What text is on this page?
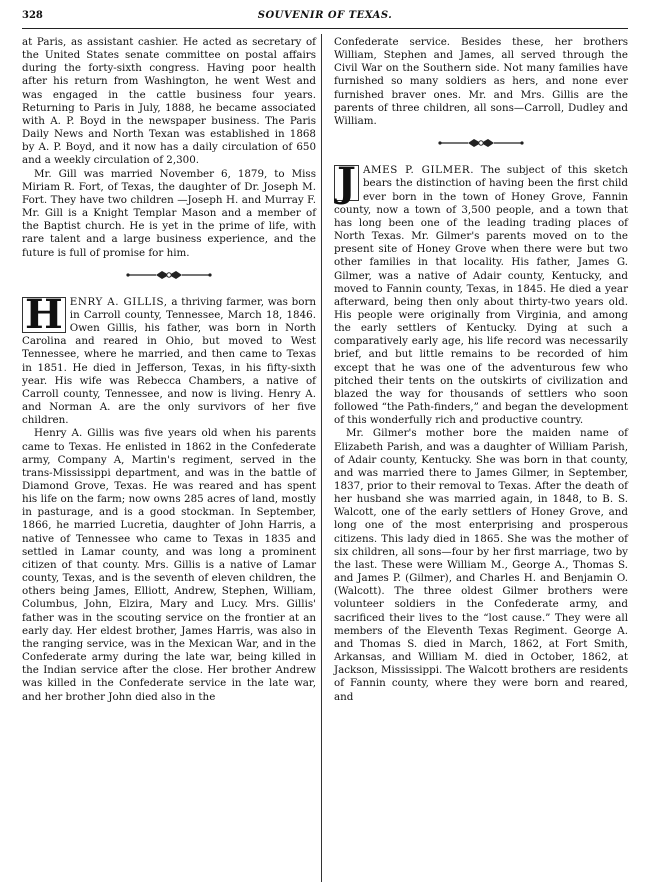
328	SOUVENIR OF TEXAS.

at Paris, as assistant cashier. He acted as secretary of the United States senate committee on postal affairs during the forty-sixth congress. Having poor health after his return from Washington, he went West and was engaged in the cattle business four years. Returning to Paris in July, 1888, he became associated with A. P. Boyd in the newspaper business. The Paris Daily News and North Texan was established in 1868 by A. P. Boyd, and it now has a daily circulation of 650 and a weekly circulation of 2,300.

Mr. Gill was married November 6, 1879, to Miss Miriam R. Fort, of Texas, the daughter of Dr. Joseph M. Fort. They have two children —Joseph H. and Murray F. Mr. Gill is a Knight Templar Mason and a member of the Baptist church. He is yet in the prime of life, with rare talent and a large business experience, and the future is full of promise for him.

H ENRY A. GILLIS, a thriving farmer, was born in Carroll county, Tennessee, March 18, 1846. Owen Gillis, his father, was born in North Carolina and reared in Ohio, but moved to West Tennessee, where he married, and then came to Texas in 1851. He died in Jefferson, Texas, in his fifty-sixth year. His wife was Rebecca Chambers, a native of Carroll county, Tennessee, and now is living. Henry A. and Norman A. are the only survivors of her five children.

Henry A. Gillis was five years old when his parents came to Texas. He enlisted in 1862 in the Confederate army, Company A, Martin's regiment, served in the trans-Mississippi department, and was in the battle of Diamond Grove, Texas. He was reared and has spent his life on the farm; now owns 285 acres of land, mostly in pasturage, and is a good stockman. In September, 1866, he married Lucretia, daughter of John Harris, a native of Tennessee who came to Texas in 1835 and settled in Lamar county, and was long a prominent citizen of that county. Mrs. Gillis is a native of Lamar county, Texas, and is the seventh of eleven children, the others being James, Elliott, Andrew, Stephen, William, Columbus, John, Elzira, Mary and Lucy. Mrs. Gillis' father was in the scouting service on the frontier at an early day. Her eldest brother, James Harris, was also in the ranging service, was in the Mexican War, and in the Confederate army during the late war, being killed in the Indian service after the close. Her brother Andrew was killed in the Confederate service in the late war, and her brother John died also in the

Confederate service. Besides these, her brothers William, Stephen and James, all served through the Civil War on the Southern side. Not many families have furnished so many soldiers as hers, and none ever furnished braver ones. Mr. and Mrs. Gillis are the parents of three children, all sons—Carroll, Dudley and William.

J AMES P. GILMER. The subject of this sketch bears the distinction of having been the first child ever born in the town of Honey Grove, Fannin county, now a town of 3,500 people, and a town that has long been one of the leading trading places of North Texas. Mr. Gilmer's parents moved on to the present site of Honey Grove when there were but two other families in that locality. His father, James G. Gilmer, was a native of Adair county, Kentucky, and moved to Fannin county, Texas, in 1845. He died a year afterward, being then only about thirty-two years old. His people were originally from Virginia, and among the early settlers of Kentucky. Dying at such a comparatively early age, his life record was necessarily brief, and but little remains to be recorded of him except that he was one of the adventurous few who pitched their tents on the outskirts of civilization and blazed the way for thousands of settlers who soon followed “the Path-finders,” and began the development of this wonderfully rich and productive country.

Mr. Gilmer's mother bore the maiden name of Elizabeth Parish, and was a daughter of William Parish, of Adair county, Kentucky. She was born in that county, and was married there to James Gilmer, in September, 1837, prior to their removal to Texas. After the death of her husband she was married again, in 1848, to B. S. Walcott, one of the early settlers of Honey Grove, and long one of the most enterprising and prosperous citizens. This lady died in 1865. She was the mother of six children, all sons—four by her first marriage, two by the last. These were William M., George A., Thomas S. and James P. (Gilmer), and Charles H. and Benjamin O. (Walcott). The three oldest Gilmer brothers were volunteer soldiers in the Confederate army, and sacrificed their lives to the “lost cause.” They were all members of the Eleventh Texas Regiment. George A. and Thomas S. died in March, 1862, at Fort Smith, Arkansas, and William M. died in October, 1862, at Jackson, Mississippi. The Walcott brothers are residents of Fannin county, where they were born and reared, and
